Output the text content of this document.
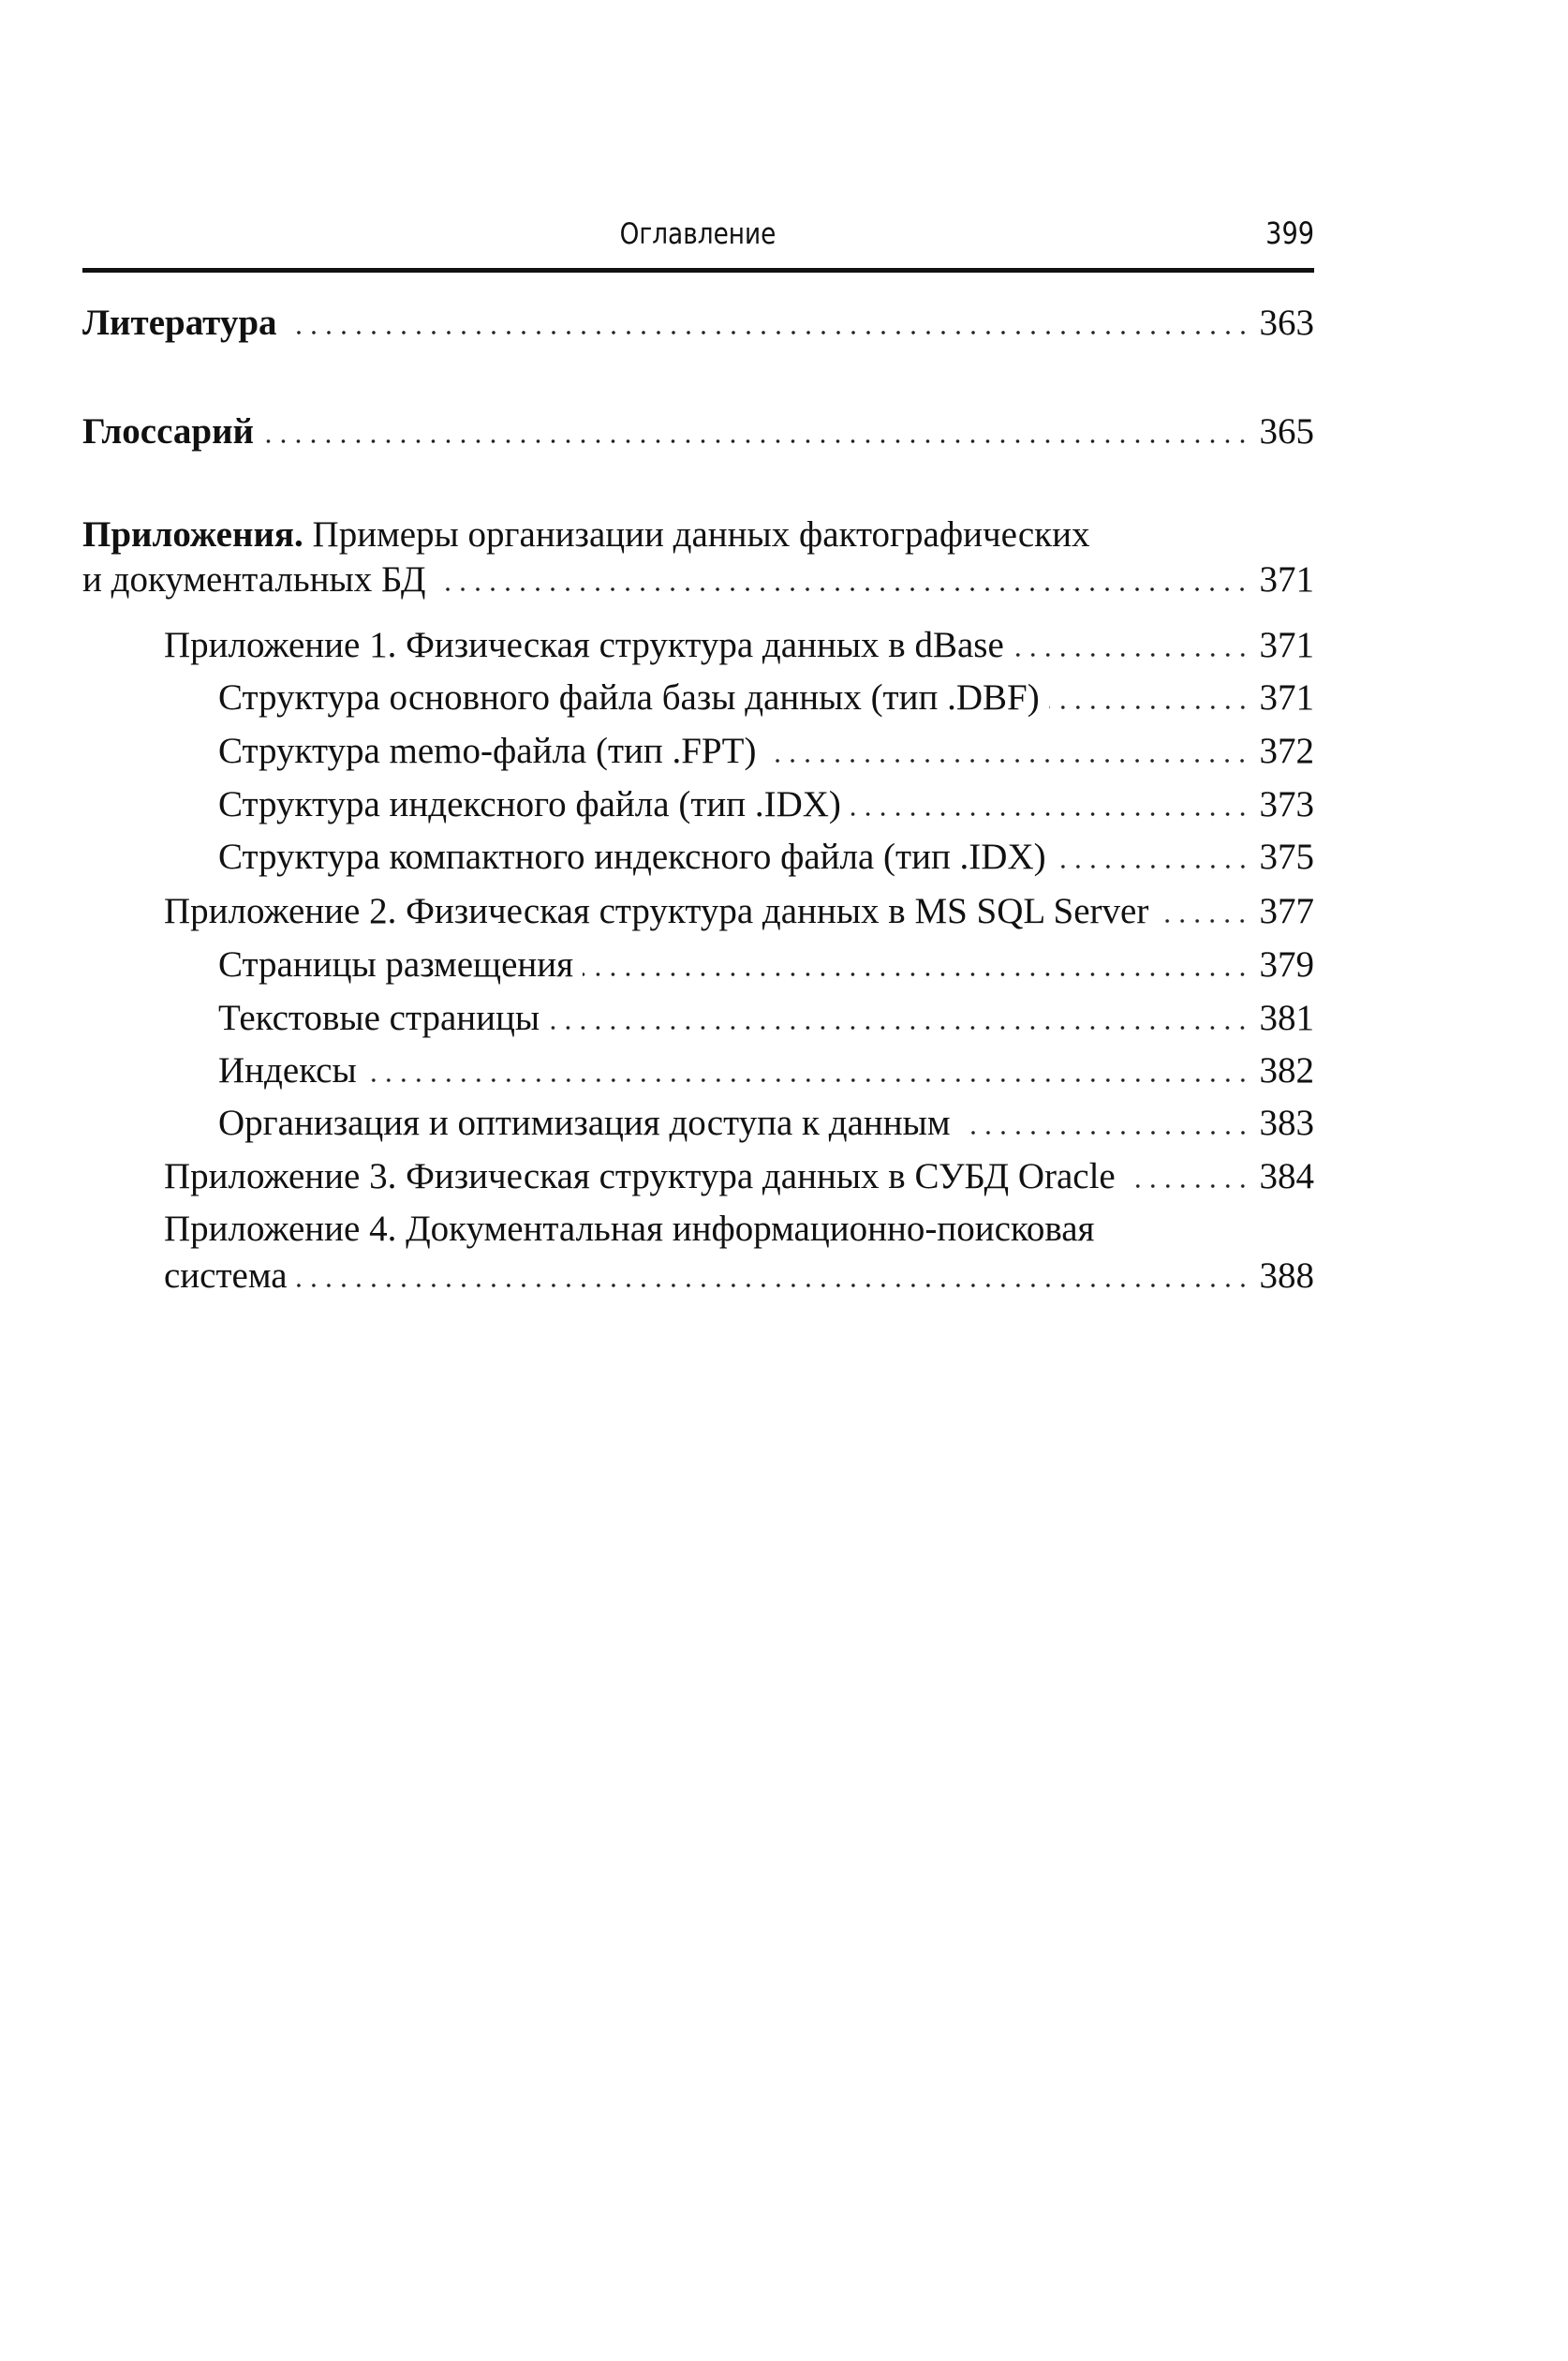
Оглавление	399
Литература	363
Глоссарий	365
Приложения. Примеры организации данных фактографических
и документальных БД	371
Приложение 1. Физическая структура данных в dBase	371
Структура основного файла базы данных (тип .DBF)	371
Структура memo-файла (тип .FPT)	372
Структура индексного файла (тип .IDX)	373
Структура компактного индексного файла (тип .IDX)	375
Приложение 2. Физическая структура данных в MS SQL Server	377
Страницы размещения	379
Текстовые страницы	381
Индексы	382
Организация и оптимизация доступа к данным	383
Приложение 3. Физическая структура данных в СУБД Oracle	384
Приложение 4. Документальная информационно-поисковая
система	388
